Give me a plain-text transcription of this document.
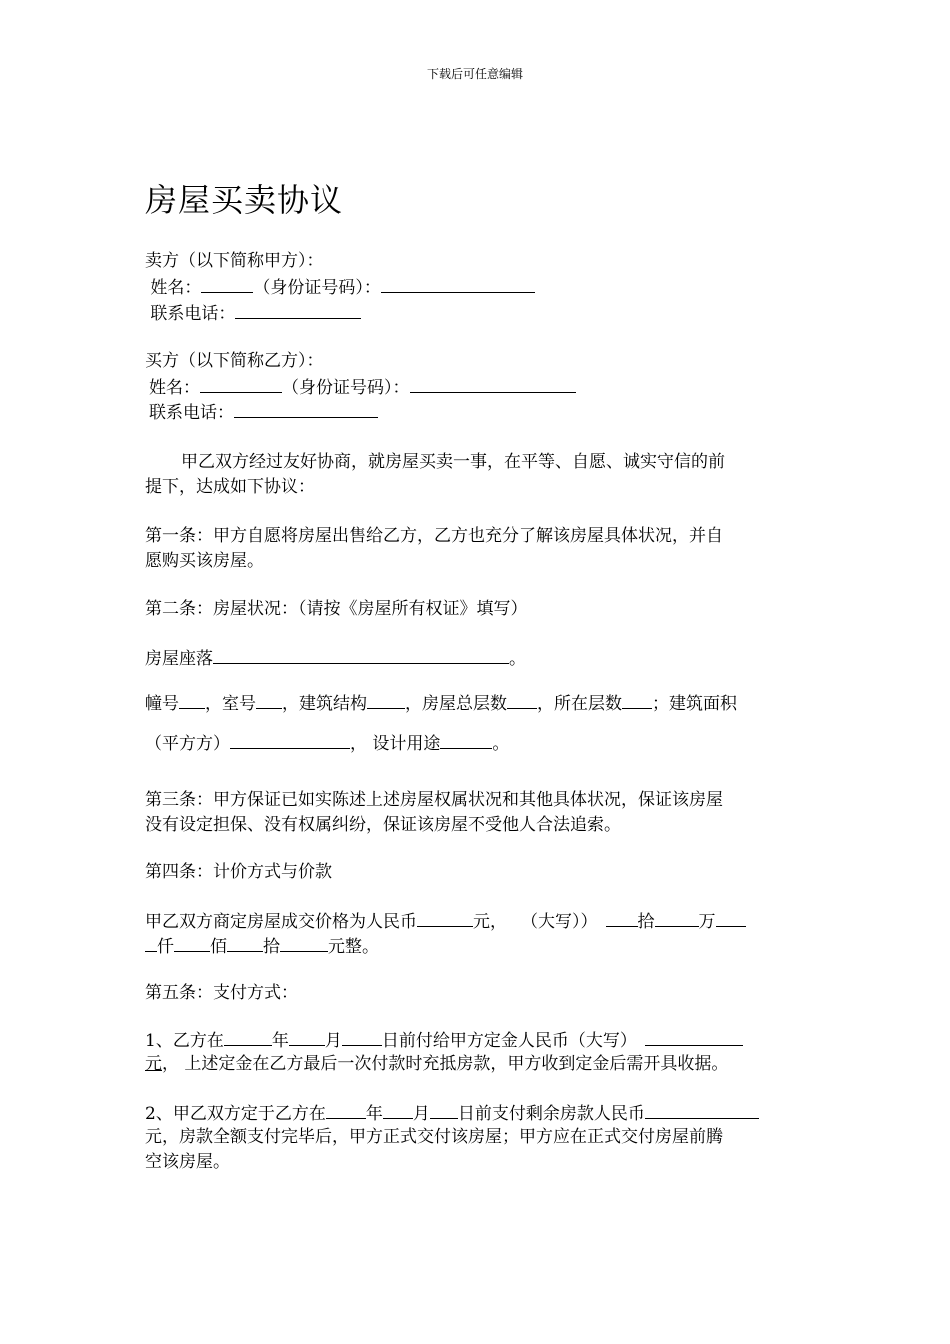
下载后可任意编辑
房屋买卖协议
卖方（以下简称甲方）：
姓名：	（身份证号码）：
联系电话：
买方（以下简称乙方）：
姓名：	（身份证号码）：
联系电话：
甲乙双方经过友好协商，就房屋买卖一事，在平等、自愿、诚实守信的前
提下，达成如下协议：
第一条：甲方自愿将房屋出售给乙方，乙方也充分了解该房屋具体状况，并自
愿购买该房屋。
第二条：房屋状况：（请按《房屋所有权证》填写）
房屋座落	。
幢号 ，室号 ，建筑结构 ，房屋总层数 ，所在层数 ；建筑面积
（平方方）	， 设计用途	。
第三条：甲方保证已如实陈述上述房屋权属状况和其他具体状况，保证该房屋
没有设定担保、没有权属纠纷，保证该房屋不受他人合法追索。
第四条：计价方式与价款
甲乙双方商定房屋成交价格为人民币	元， （大写）） 拾	万
仟 佰 拾	元整。
第五条：支付方式：
1、乙方在	年 月 日前付给甲方定金人民币（大写）
元， 上述定金在乙方最后一次付款时充抵房款，甲方收到定金后需开具收据。
2、甲乙双方定于乙方在 年 月 日前支付剩余房款人民币
元，房款全额支付完毕后，甲方正式交付该房屋；甲方应在正式交付房屋前腾
空该房屋。
